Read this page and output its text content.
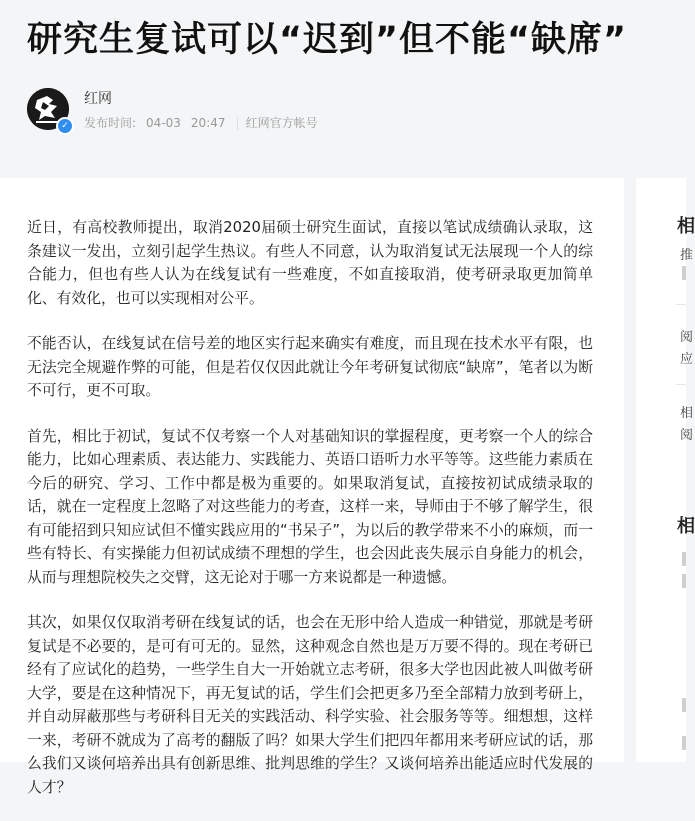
研究生复试可以“迟到”但不能“缺席”
✓
红网
发布时间: 04-03 20:47 | 红网官方帐号

近日，有高校教师提出，取消2020届硕士研究生面试，直接以笔试成绩确认录取，这条建议一发出，立刻引起学生热议。有些人不同意，认为取消复试无法展现一个人的综合能力，但也有些人认为在线复试有一些难度，不如直接取消，使考研录取更加简单化、有效化，也可以实现相对公平。

不能否认，在线复试在信号差的地区实行起来确实有难度，而且现在技术水平有限，也无法完全规避作弊的可能，但是若仅仅因此就让今年考研复试彻底“缺席”，笔者以为断不可行，更不可取。

首先，相比于初试，复试不仅考察一个人对基础知识的掌握程度，更考察一个人的综合能力，比如心理素质、表达能力、实践能力、英语口语听力水平等等。这些能力素质在今后的研究、学习、工作中都是极为重要的。如果取消复试，直接按初试成绩录取的话，就在一定程度上忽略了对这些能力的考查，这样一来，导师由于不够了解学生，很有可能招到只知应试但不懂实践应用的“书呆子”，为以后的教学带来不小的麻烦，而一些有特长、有实操能力但初试成绩不理想的学生，也会因此丧失展示自身能力的机会，从而与理想院校失之交臂，这无论对于哪一方来说都是一种遗憾。

其次，如果仅仅取消考研在线复试的话，也会在无形中给人造成一种错觉，那就是考研复试是不必要的，是可有可无的。显然，这种观念自然也是万万要不得的。现在考研已经有了应试化的趋势，一些学生自大一开始就立志考研，很多大学也因此被人叫做考研大学，要是在这种情况下，再无复试的话，学生们会把更多乃至全部精力放到考研上，并自动屏蔽那些与考研科目无关的实践活动、科学实验、社会服务等等。细想想，这样一来，考研不就成为了高考的翻版了吗？如果大学生们把四年都用来考研应试的话，那么我们又谈何培养出具有创新思维、批判思维的学生？又谈何培养出能适应时代发展的人才？

相
推
阅
应
相
阅
相
